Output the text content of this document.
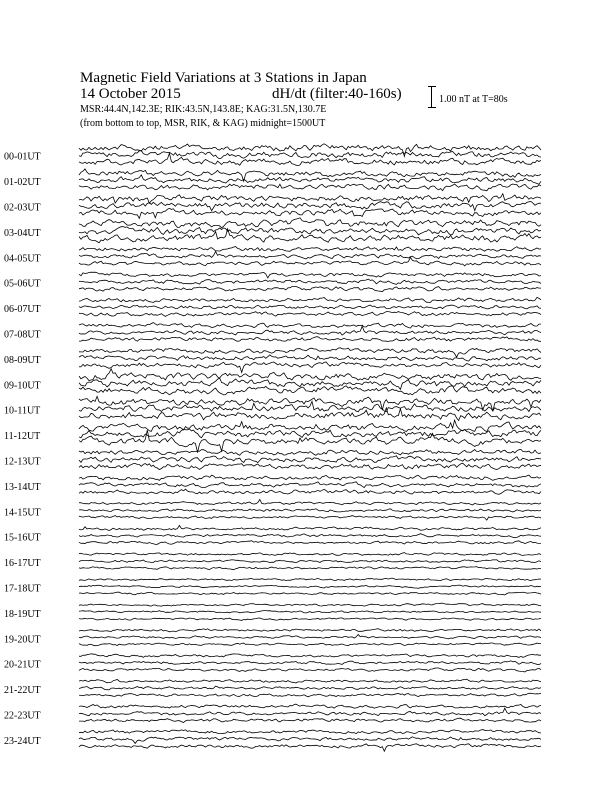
Magnetic Field Variations at 3 Stations in Japan
14 October 2015	dH/dt (filter:40-160s)
MSR:44.4N,142.3E; RIK:43.5N,143.8E; KAG:31.5N,130.7E
(from bottom to top, MSR, RIK, & KAG) midnight=1500UT
1.00 nT at T=80s
00-01UT
01-02UT
02-03UT
03-04UT
04-05UT
05-06UT
06-07UT
07-08UT
08-09UT
09-10UT
10-11UT
11-12UT
12-13UT
13-14UT
14-15UT
15-16UT
16-17UT
17-18UT
18-19UT
19-20UT
20-21UT
21-22UT
22-23UT
23-24UT
